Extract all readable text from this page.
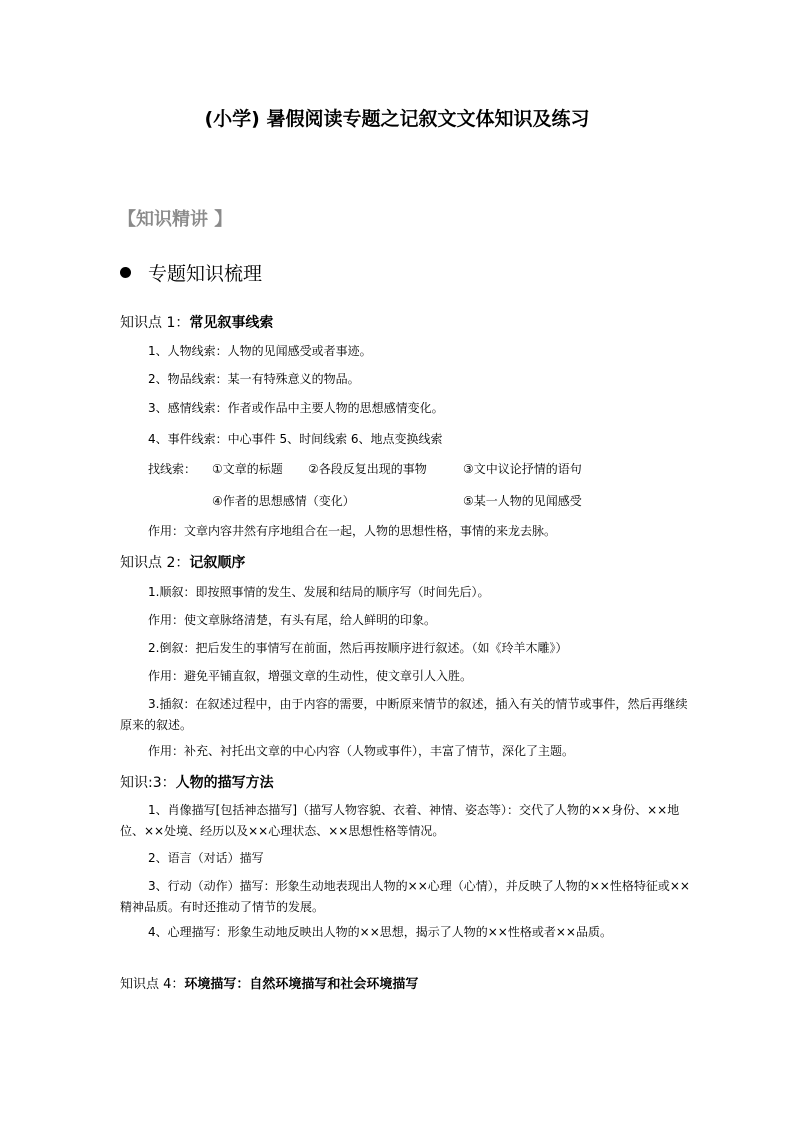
(小学) 暑假阅读专题之记叙文文体知识及练习
【知识精讲 】
专题知识梳理
知识点 1：常见叙事线索
1、人物线索：人物的见闻感受或者事迹。
2、物品线索：某一有特殊意义的物品。
3、感情线索：作者或作品中主要人物的思想感情变化。
4、事件线索：中心事件 5、时间线索 6、地点变换线索
找线索： ①文章的标题 ②各段反复出现的事物	③文中议论抒情的语句
④作者的思想感情（变化）	⑤某一人物的见闻感受
作用：文章内容井然有序地组合在一起，人物的思想性格，事情的来龙去脉。
知识点 2：记叙顺序
1.顺叙：即按照事情的发生、发展和结局的顺序写（时间先后）。
作用：使文章脉络清楚，有头有尾，给人鲜明的印象。
2.倒叙：把后发生的事情写在前面，然后再按顺序进行叙述。（如《玲羊木雕》）
作用：避免平铺直叙，增强文章的生动性，使文章引人入胜。
3.插叙：在叙述过程中，由于内容的需要，中断原来情节的叙述，插入有关的情节或事件，然后再继续原来的叙述。
作用：补充、衬托出文章的中心内容（人物或事件），丰富了情节，深化了主题。
知识:3：人物的描写方法
1、肖像描写[包括神态描写]（描写人物容貌、衣着、神情、姿态等）：交代了人物的××身份、××地位、××处境、经历以及××心理状态、××思想性格等情况。
2、语言（对话）描写
3、行动（动作）描写：形象生动地表现出人物的××心理（心情），并反映了人物的××性格特征或××精神品质。有时还推动了情节的发展。
4、心理描写：形象生动地反映出人物的××思想，揭示了人物的××性格或者××品质。
知识点 4：环境描写：自然环境描写和社会环境描写
